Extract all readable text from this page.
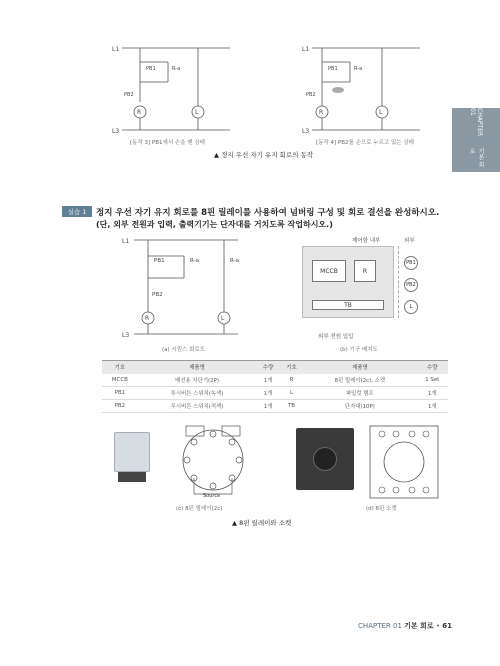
L1
L3
PB1	R-a
PB2
R	L
[동작 3] PB1에서 손을 뗀 상태
L1
L3
PB1	R-a
PB2
R	L
[동작 4] PB2를 손으로 누르고 있는 상태
▲ 정지 우선 자기 유지 회로의 동작
CHAPTER 01
기본 회로
실습 1	정지 우선 자기 유지 회로를 8핀 릴레이를 사용하여 넘버링 구성 및 회로 결선을 완성하시오.
(단, 외부 전원과 입력, 출력기기는 단자대를 거치도록 작업하시오.)
L1
L3
PB1	R-a	R-a
PB2
R	L
(a) 시퀀스 회로도
제어함 내부	외부
MCCB	R
TB
PB1
PB2
L
외부 전원 입입
(b) 기구 배치도
기호	제품명	수량	기호	제품명	수량
MCCB	배선용 차단기(2P)	1개	R	8핀 릴레이(2c), 소켓	1 Set
PB1	푸시버튼 스위치(녹색)	1개	L	파일럿 램프	1개
PB2	푸시버튼 스위치(적색)	1개	TB	단자대(10P)	1개
Source
(c) 8핀 릴레이(2c)	(d) 8핀 소켓
▲ 8핀 릴레이와 소켓
CHAPTER 01 기본 회로 • 61
